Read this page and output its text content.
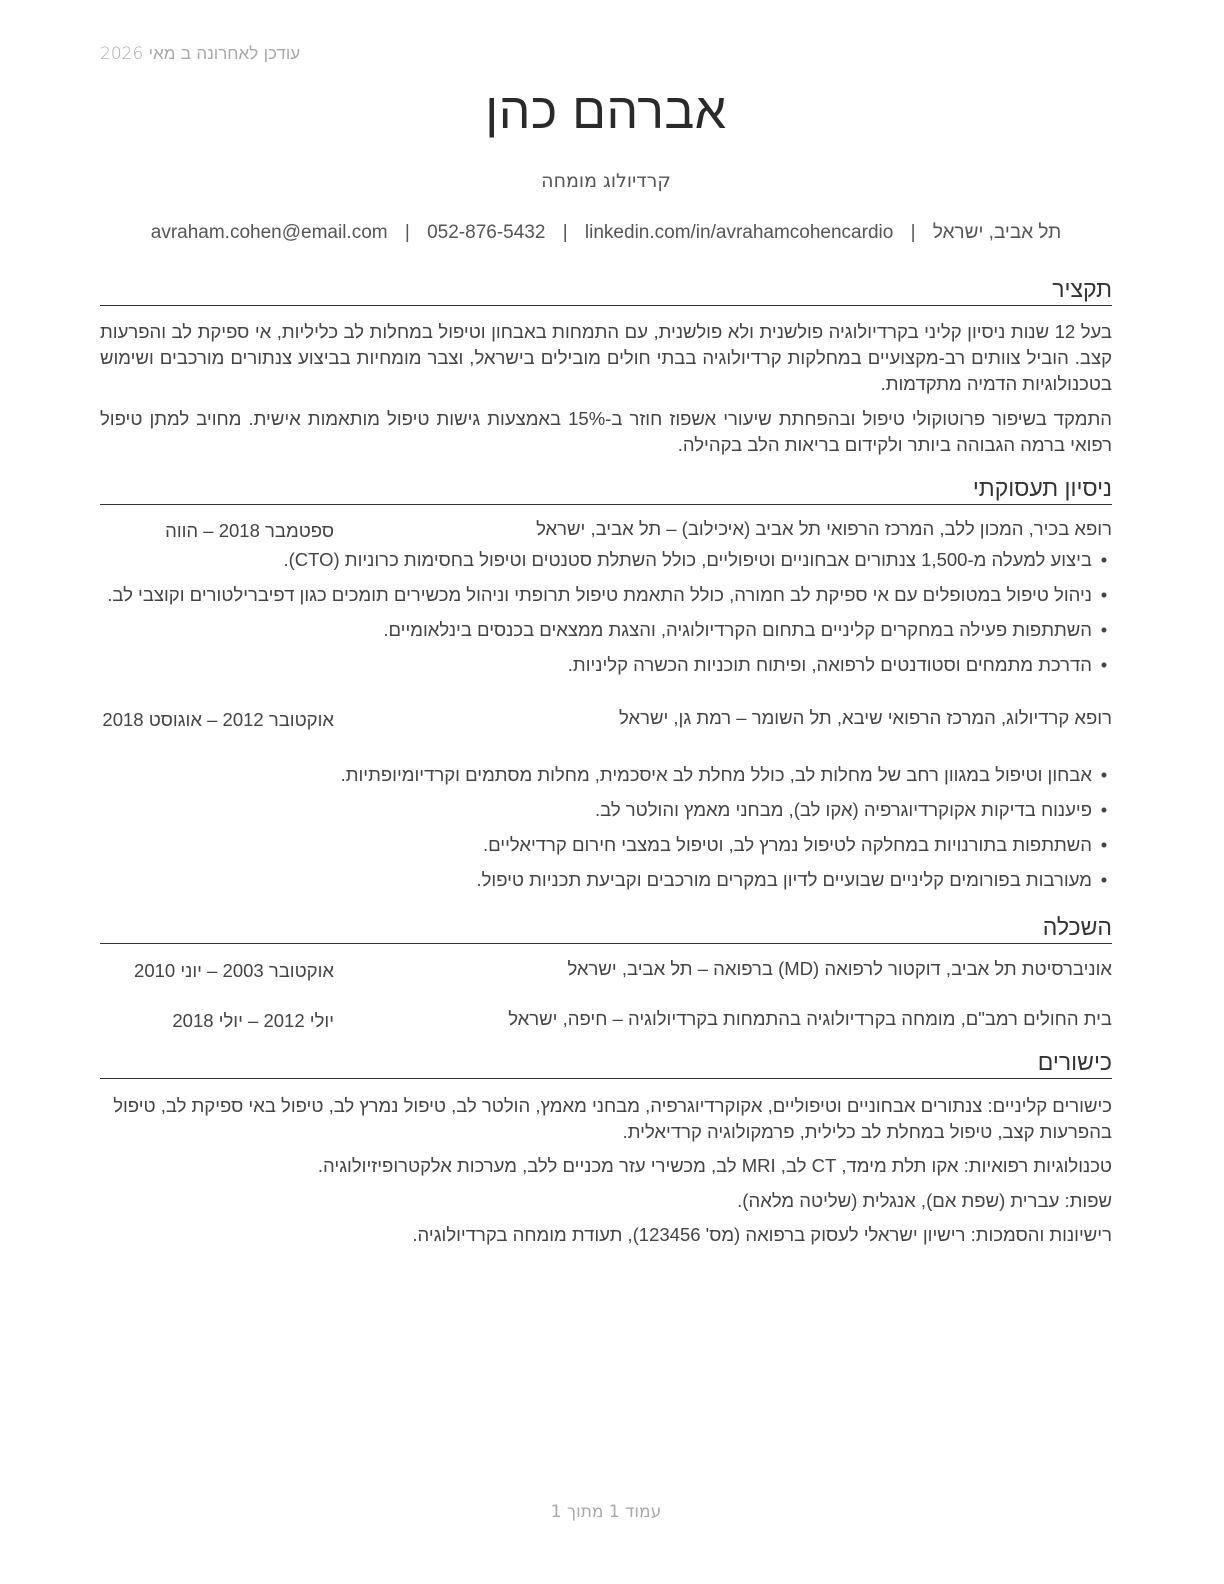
עודכן לאחרונה ב מאי 2026
אברהם כהן
קרדיולוג מומחה
תל אביב, ישראל | avraham.cohen@email.com | 052-876-5432 | linkedin.com/in/avrahamcohencardio
תקציר
בעל 12 שנות ניסיון קליני בקרדיולוגיה פולשנית ולא פולשנית, עם התמחות באבחון וטיפול במחלות לב כליליות, אי ספיקת לב והפרעות קצב. הוביל צוותים רב-מקצועיים במחלקות קרדיולוגיה בבתי חולים מובילים בישראל, וצבר מומחיות בביצוע צנתורים מורכבים ושימוש בטכנולוגיות הדמיה מתקדמות.
התמקד בשיפור פרוטוקולי טיפול ובהפחתת שיעורי אשפוז חוזר ב-15% באמצעות גישות טיפול מותאמות אישית. מחויב למתן טיפול רפואי ברמה הגבוהה ביותר ולקידום בריאות הלב בקהילה.
ניסיון תעסוקתי
רופא בכיר, המכון ללב, המרכז הרפואי תל אביב (איכילוב) – תל אביב, ישראל
ספטמבר 2018 – הווה
•ביצוע למעלה מ-1,500 צנתורים אבחוניים וטיפוליים, כולל השתלת סטנטים וטיפול בחסימות כרוניות (CTO).
•ניהול טיפול במטופלים עם אי ספיקת לב חמורה, כולל התאמת טיפול תרופתי וניהול מכשירים תומכים כגון דפיברילטורים וקוצבי לב.
•השתתפות פעילה במחקרים קליניים בתחום הקרדיולוגיה, והצגת ממצאים בכנסים בינלאומיים.
•הדרכת מתמחים וסטודנטים לרפואה, ופיתוח תוכניות הכשרה קליניות.
רופא קרדיולוג, המרכז הרפואי שיבא, תל השומר – רמת גן, ישראל
אוקטובר 2012 – אוגוסט 2018
•אבחון וטיפול במגוון רחב של מחלות לב, כולל מחלת לב איסכמית, מחלות מסתמים וקרדיומיופתיות.
•פיענוח בדיקות אקוקרדיוגרפיה (אקו לב), מבחני מאמץ והולטר לב.
•השתתפות בתורנויות במחלקה לטיפול נמרץ לב, וטיפול במצבי חירום קרדיאליים.
•מעורבות בפורומים קליניים שבועיים לדיון במקרים מורכבים וקביעת תכניות טיפול.
השכלה
אוניברסיטת תל אביב, דוקטור לרפואה (MD) ברפואה – תל אביב, ישראל
אוקטובר 2003 – יוני 2010
בית החולים רמב"ם, מומחה בקרדיולוגיה בהתמחות בקרדיולוגיה – חיפה, ישראל
יולי 2012 – יולי 2018
כישורים
כישורים קליניים: צנתורים אבחוניים וטיפוליים, אקוקרדיוגרפיה, מבחני מאמץ, הולטר לב, טיפול נמרץ לב, טיפול באי ספיקת לב, טיפול בהפרעות קצב, טיפול במחלת לב כלילית, פרמקולוגיה קרדיאלית.
טכנולוגיות רפואיות: אקו תלת מימד, CT לב, MRI לב, מכשירי עזר מכניים ללב, מערכות אלקטרופיזיולוגיה.
שפות: עברית (שפת אם), אנגלית (שליטה מלאה).
רישיונות והסמכות: רישיון ישראלי לעסוק ברפואה (מס' 123456), תעודת מומחה בקרדיולוגיה.
עמוד 1 מתוך 1
